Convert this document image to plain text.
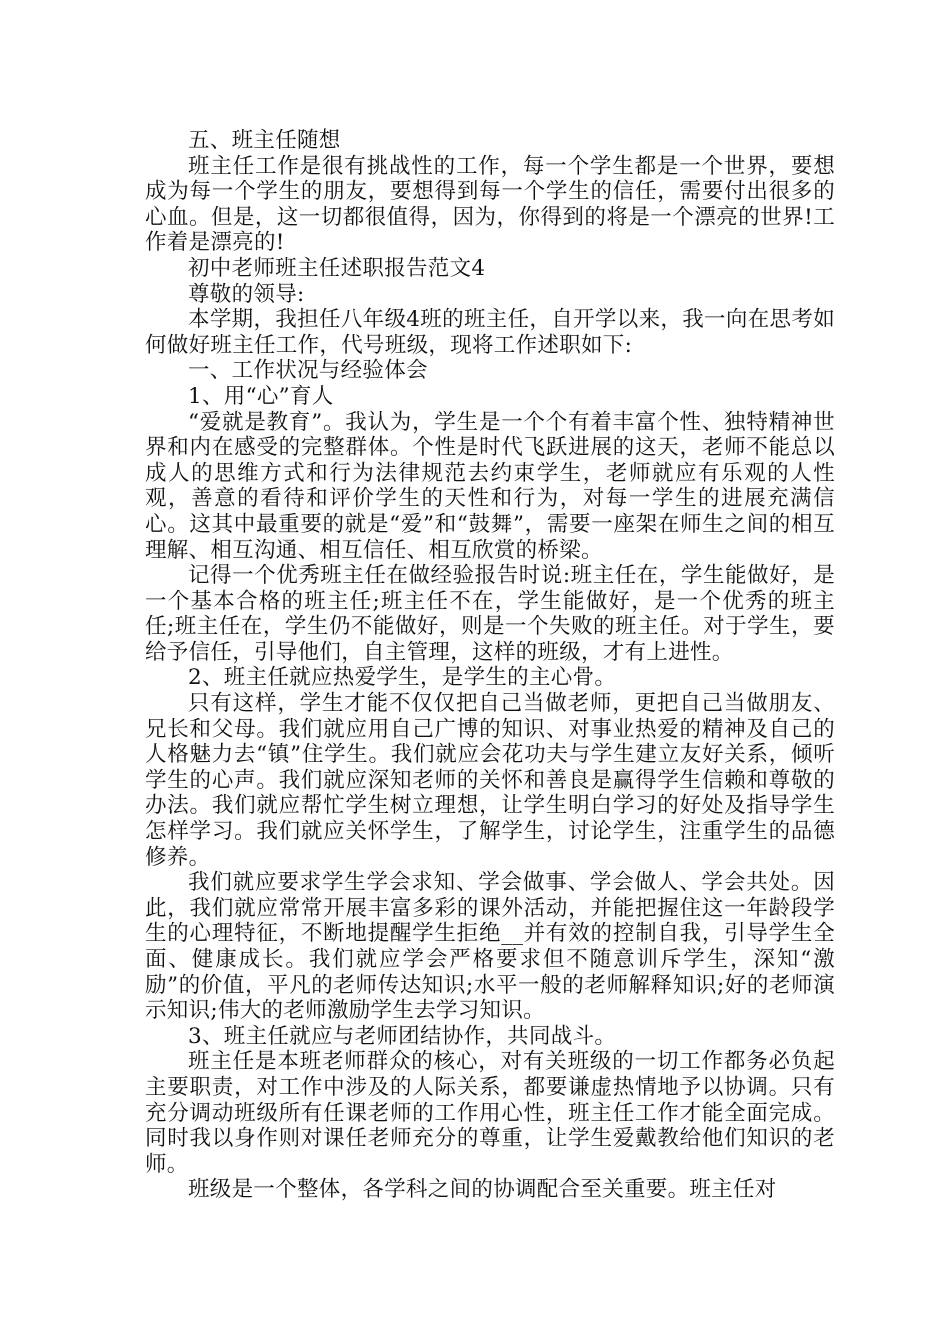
五、班主任随想

班主任工作是很有挑战性的工作，每一个学生都是一个世界，要想成为每一个学生的朋友，要想得到每一个学生的信任，需要付出很多的心血。但是，这一切都很值得，因为，你得到的将是一个漂亮的世界!工作着是漂亮的!

初中老师班主任述职报告范文4

尊敬的领导:

本学期，我担任八年级4班的班主任，自开学以来，我一向在思考如何做好班主任工作，代号班级，现将工作述职如下:

一、工作状况与经验体会

1、用“心”育人

“爱就是教育”。我认为，学生是一个个有着丰富个性、独特精神世界和内在感受的完整群体。个性是时代飞跃进展的这天，老师不能总以成人的思维方式和行为法律规范去约束学生，老师就应有乐观的人性观，善意的看待和评价学生的天性和行为，对每一学生的进展充满信心。这其中最重要的就是“爱”和“鼓舞”，需要一座架在师生之间的相互理解、相互沟通、相互信任、相互欣赏的桥梁。

记得一个优秀班主任在做经验报告时说:班主任在，学生能做好，是一个基本合格的班主任;班主任不在，学生能做好，是一个优秀的班主任;班主任在，学生仍不能做好，则是一个失败的班主任。对于学生，要给予信任，引导他们，自主管理，这样的班级，才有上进性。

2、班主任就应热爱学生，是学生的主心骨。

只有这样，学生才能不仅仅把自己当做老师，更把自己当做朋友、兄长和父母。我们就应用自己广博的知识、对事业热爱的精神及自己的人格魅力去“镇”住学生。我们就应会花功夫与学生建立友好关系，倾听学生的心声。我们就应深知老师的关怀和善良是赢得学生信赖和尊敬的办法。我们就应帮忙学生树立理想，让学生明白学习的好处及指导学生怎样学习。我们就应关怀学生，了解学生，讨论学生，注重学生的品德修养。

我们就应要求学生学会求知、学会做事、学会做人、学会共处。因此，我们就应常常开展丰富多彩的课外活动，并能把握住这一年龄段学生的心理特征，不断地提醒学生拒绝__并有效的控制自我，引导学生全面、健康成长。我们就应学会严格要求但不随意训斥学生，深知“激励”的价值，平凡的老师传达知识;水平一般的老师解释知识;好的老师演示知识;伟大的老师激励学生去学习知识。

3、班主任就应与老师团结协作，共同战斗。

班主任是本班老师群众的核心，对有关班级的一切工作都务必负起主要职责，对工作中涉及的人际关系，都要谦虚热情地予以协调。只有充分调动班级所有任课老师的工作用心性，班主任工作才能全面完成。同时我以身作则对课任老师充分的尊重，让学生爱戴教给他们知识的老师。

班级是一个整体，各学科之间的协调配合至关重要。班主任对
